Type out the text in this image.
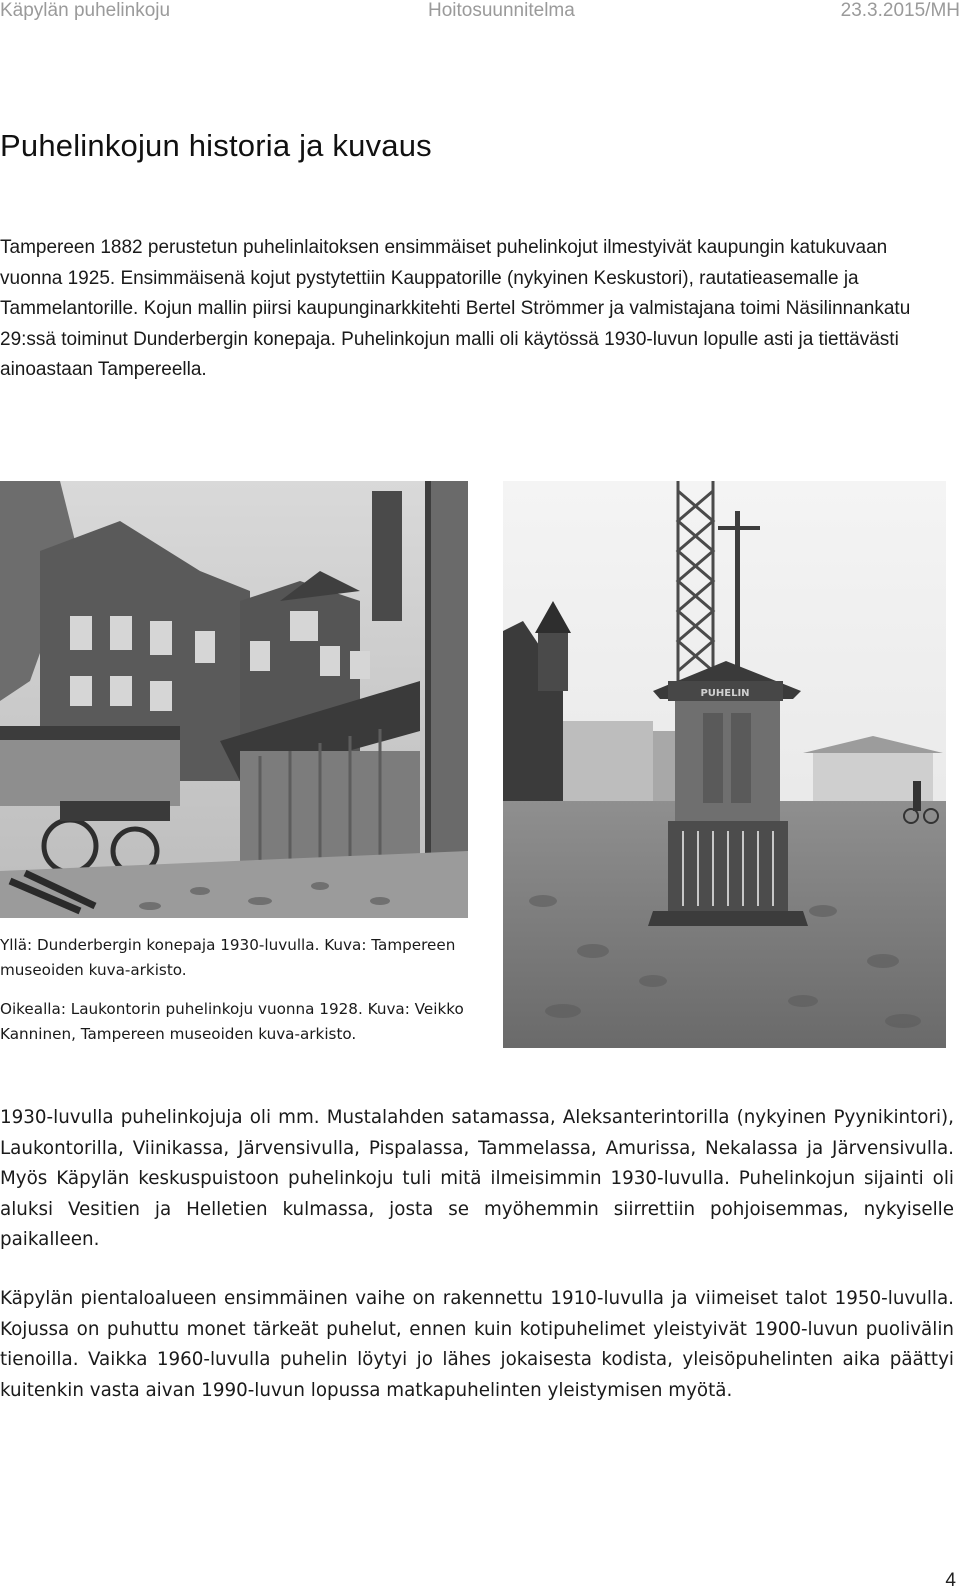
Käpylän puhelinkoju	Hoitosuunnitelma	23.3.2015/MH
Puhelinkojun historia ja kuvaus

Tampereen 1882 perustetun puhelinlaitoksen ensimmäiset puhelinkojut ilmestyivät kaupungin katukuvaan vuonna 1925. Ensimmäisenä kojut pystytettiin Kauppatorille (nykyinen Keskustori), rautatieasemalle ja Tammelantorille. Kojun mallin piirsi kaupunginarkkitehti Bertel Strömmer ja valmistajana toimi Näsilinnankatu 29:ssä toiminut Dunderbergin konepaja. Puhelinkojun malli oli käytössä 1930-luvun lopulle asti ja tiettävästi ainoastaan Tampereella.

PUHELIN

Yllä: Dunderbergin konepaja 1930-luvulla. Kuva: Tampereen museoiden kuva-arkisto.

Oikealla: Laukontorin puhelinkoju vuonna 1928. Kuva: Veikko Kanninen, Tampereen museoiden kuva-arkisto.

1930-luvulla puhelinkojuja oli mm. Mustalahden satamassa, Aleksanterintorilla (nykyinen Pyynikintori), Laukontorilla, Viinikassa, Järvensivulla, Pispalassa, Tammelassa, Amurissa, Nekalassa ja Järvensivulla. Myös Käpylän keskuspuistoon puhelinkoju tuli mitä ilmeisimmin 1930-luvulla. Puhelinkojun sijainti oli aluksi Vesitien ja Helletien kulmassa, josta se myöhemmin siirrettiin pohjoisemmas, nykyiselle paikalleen.

Käpylän pientaloalueen ensimmäinen vaihe on rakennettu 1910-luvulla ja viimeiset talot 1950-luvulla. Kojussa on puhuttu monet tärkeät puhelut, ennen kuin kotipuhelimet yleistyivät 1900-luvun puolivälin tienoilla. Vaikka 1960-luvulla puhelin löytyi jo lähes jokaisesta kodista, yleisöpuhelinten aika päättyi kuitenkin vasta aivan 1990-luvun lopussa matkapuhelinten yleistymisen myötä.

4
